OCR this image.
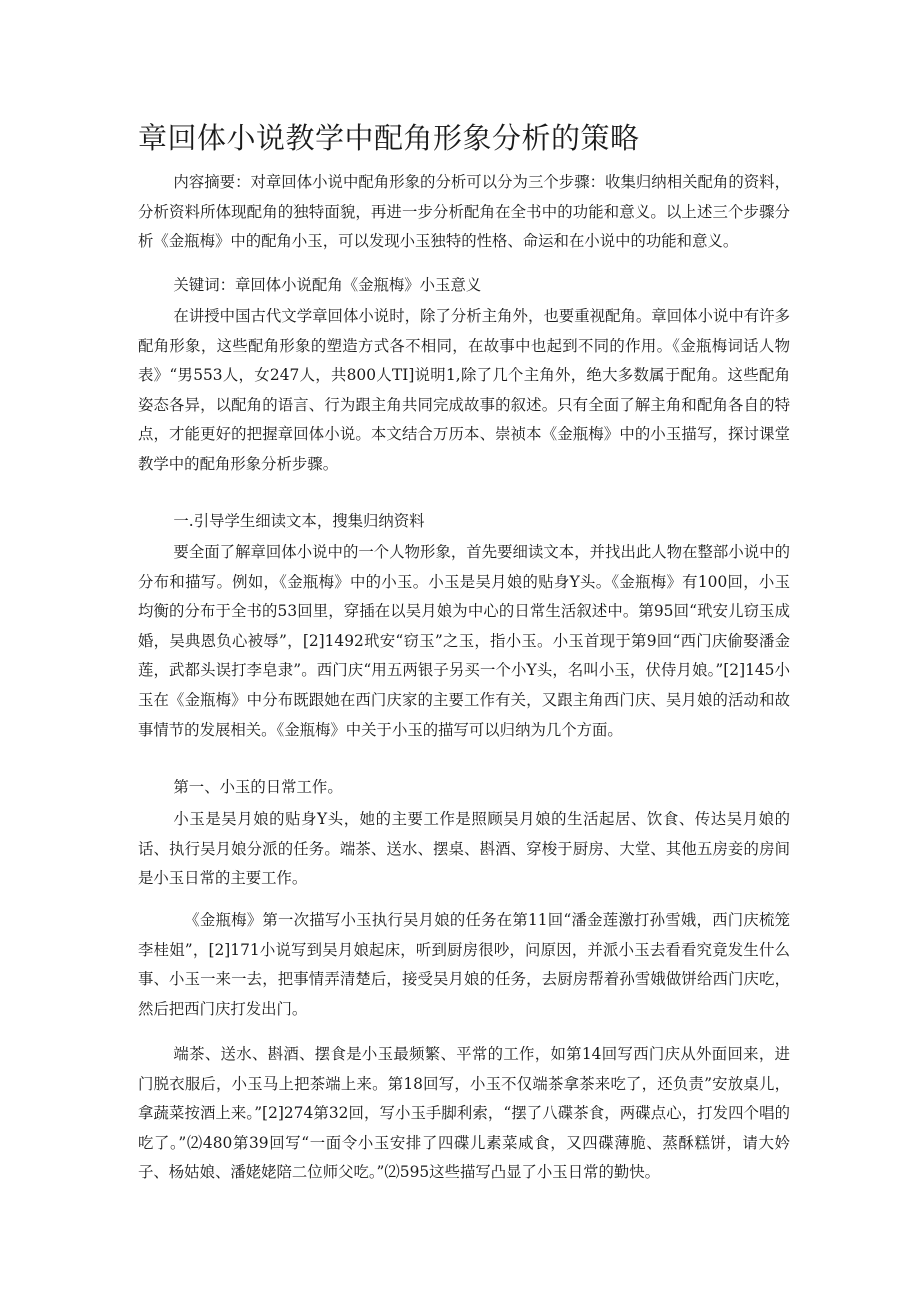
章回体小说教学中配角形象分析的策略

内容摘要：对章回体小说中配角形象的分析可以分为三个步骤：收集归纳相关配角的资料，分析资料所体现配角的独特面貌，再进一步分析配角在全书中的功能和意义。以上述三个步骤分析《金瓶梅》中的配角小玉，可以发现小玉独特的性格、命运和在小说中的功能和意义。

关键词：章回体小说配角《金瓶梅》小玉意义

在讲授中国古代文学章回体小说时，除了分析主角外，也要重视配角。章回体小说中有许多配角形象，这些配角形象的塑造方式各不相同，在故事中也起到不同的作用。《金瓶梅词话人物表》“男553人，女247人，共800人TI]说明1,除了几个主角外，绝大多数属于配角。这些配角姿态各异，以配角的语言、行为跟主角共同完成故事的叙述。只有全面了解主角和配角各自的特点，才能更好的把握章回体小说。本文结合万历本、崇祯本《金瓶梅》中的小玉描写，探讨课堂教学中的配角形象分析步骤。

一.引导学生细读文本，搜集归纳资料

要全面了解章回体小说中的一个人物形象，首先要细读文本，并找出此人物在整部小说中的分布和描写。例如，《金瓶梅》中的小玉。小玉是吴月娘的贴身Y头。《金瓶梅》有100回，小玉均衡的分布于全书的53回里，穿插在以吴月娘为中心的日常生活叙述中。第95回“玳安儿窃玉成婚，吴典恩负心被辱”，[2]1492玳安“窃玉”之玉，指小玉。小玉首现于第9回“西门庆偷娶潘金莲，武都头误打李皂隶”。西门庆“用五两银子另买一个小Y头，名叫小玉，伏侍月娘。”[2]145小玉在《金瓶梅》中分布既跟她在西门庆家的主要工作有关，又跟主角西门庆、吴月娘的活动和故事情节的发展相关。《金瓶梅》中关于小玉的描写可以归纳为几个方面。

第一、小玉的日常工作。

小玉是吴月娘的贴身Y头，她的主要工作是照顾吴月娘的生活起居、饮食、传达吴月娘的话、执行吴月娘分派的任务。端茶、送水、摆桌、斟酒、穿梭于厨房、大堂、其他五房妾的房间是小玉日常的主要工作。

《金瓶梅》第一次描写小玉执行吴月娘的任务在第11回“潘金莲激打孙雪娥，西门庆梳笼李桂姐”，[2]171小说写到吴月娘起床，听到厨房很吵，问原因，并派小玉去看看究竟发生什么事、小玉一来一去，把事情弄清楚后，接受吴月娘的任务，去厨房帮着孙雪娥做饼给西门庆吃，然后把西门庆打发出门。

端茶、送水、斟酒、摆食是小玉最频繁、平常的工作，如第14回写西门庆从外面回来，进门脱衣服后，小玉马上把茶端上来。第18回写，小玉不仅端茶拿茶来吃了，还负责”安放桌儿，拿蔬菜按酒上来。”[2]274第32回，写小玉手脚利索，“摆了八碟茶食，两碟点心，打发四个唱的吃了。”⑵480第39回写“一面令小玉安排了四碟儿素菜咸食，又四碟薄脆、蒸酥糕饼，请大妗子、杨姑娘、潘姥姥陪二位师父吃。”⑵595这些描写凸显了小玉日常的勤快。
